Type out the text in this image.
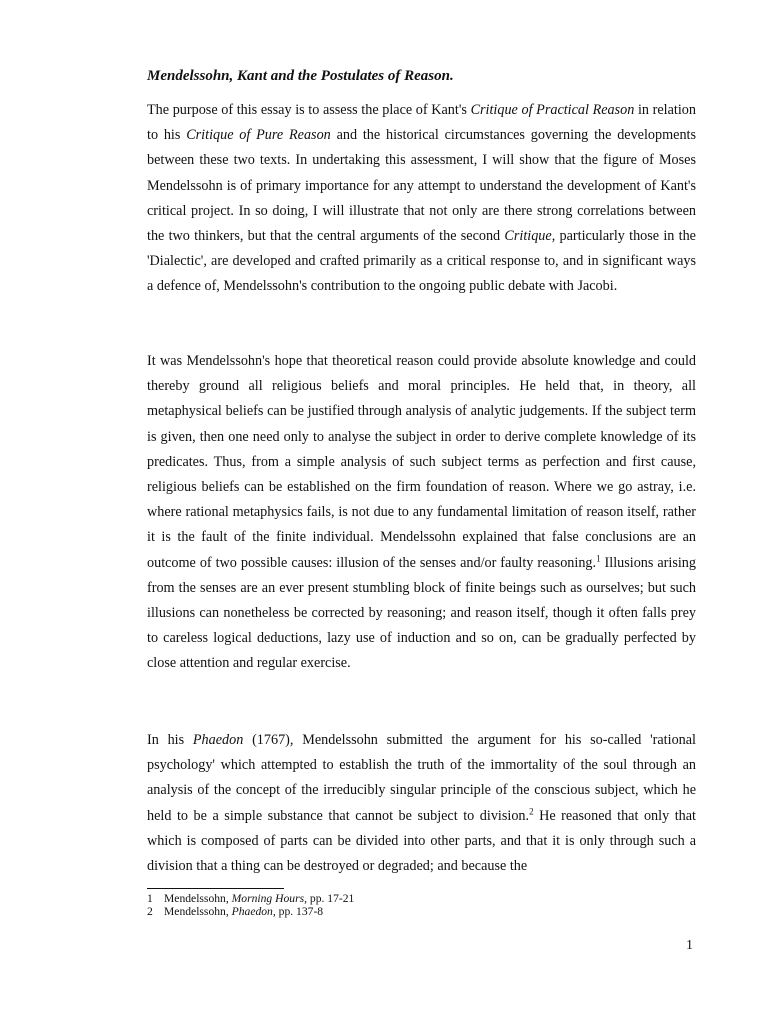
Mendelssohn, Kant and the Postulates of Reason.

The purpose of this essay is to assess the place of Kant's Critique of Practical Reason in relation to his Critique of Pure Reason and the historical circumstances governing the developments between these two texts. In undertaking this assessment, I will show that the figure of Moses Mendelssohn is of primary importance for any attempt to understand the development of Kant's critical project. In so doing, I will illustrate that not only are there strong correlations between the two thinkers, but that the central arguments of the second Critique, particularly those in the 'Dialectic', are developed and crafted primarily as a critical response to, and in significant ways a defence of, Mendelssohn's contribution to the ongoing public debate with Jacobi.

It was Mendelssohn's hope that theoretical reason could provide absolute knowledge and could thereby ground all religious beliefs and moral principles. He held that, in theory, all metaphysical beliefs can be justified through analysis of analytic judgements. If the subject term is given, then one need only to analyse the subject in order to derive complete knowledge of its predicates. Thus, from a simple analysis of such subject terms as perfection and first cause, religious beliefs can be established on the firm foundation of reason. Where we go astray, i.e. where rational metaphysics fails, is not due to any fundamental limitation of reason itself, rather it is the fault of the finite individual. Mendelssohn explained that false conclusions are an outcome of two possible causes: illusion of the senses and/or faulty reasoning.$^1$ Illusions arising from the senses are an ever present stumbling block of finite beings such as ourselves; but such illusions can nonetheless be corrected by reasoning; and reason itself, though it often falls prey to careless logical deductions, lazy use of induction and so on, can be gradually perfected by close attention and regular exercise.

In his Phaedon (1767), Mendelssohn submitted the argument for his so-called 'rational psychology' which attempted to establish the truth of the immortality of the soul through an analysis of the concept of the irreducibly singular principle of the conscious subject, which he held to be a simple substance that cannot be subject to division.$^2$ He reasoned that only that which is composed of parts can be divided into other parts, and that it is only through such a division that a thing can be destroyed or degraded; and because the

1 Mendelssohn, Morning Hours, pp. 17-21
2 Mendelssohn, Phaedon, pp. 137-8
1
